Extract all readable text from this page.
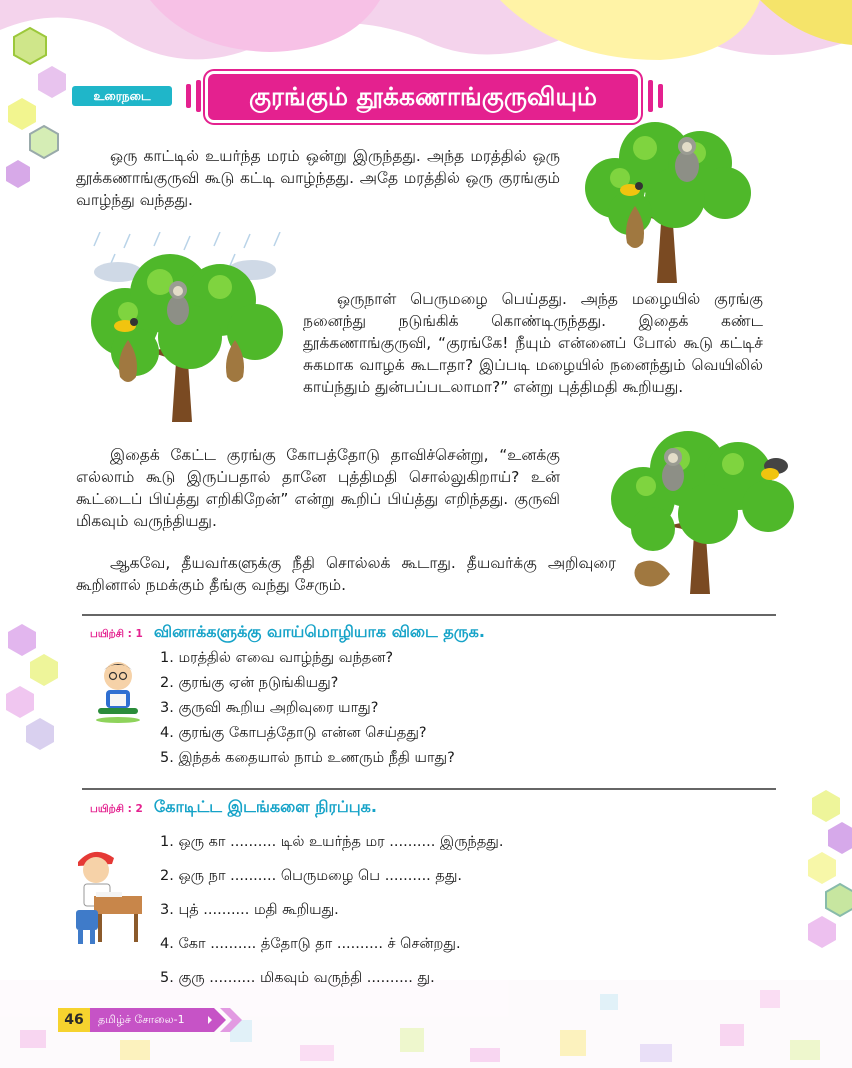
உரைநடை	குரங்கும் தூக்கணாங்குருவியும்

ஒரு காட்டில் உயர்ந்த மரம் ஒன்று இருந்தது. அந்த மரத்தில் ஒரு தூக்கணாங்குருவி கூடு கட்டி வாழ்ந்தது. அதே மரத்தில் ஒரு குரங்கும் வாழ்ந்து வந்தது.

ஒருநாள் பெருமழை பெய்தது. அந்த மழையில் குரங்கு நனைந்து நடுங்கிக் கொண்டிருந்தது. இதைக் கண்ட தூக்கணாங்குருவி, “குரங்கே! நீயும் என்னைப் போல் கூடு கட்டிச் சுகமாக வாழக் கூடாதா? இப்படி மழையில் நனைந்தும் வெயிலில் காய்ந்தும் துன்பப்படலாமா?” என்று புத்திமதி கூறியது.

இதைக் கேட்ட குரங்கு கோபத்தோடு தாவிச்சென்று, “உனக்கு எல்லாம் கூடு இருப்பதால் தானே புத்திமதி சொல்லுகிறாய்? உன் கூட்டைப் பிய்த்து எறிகிறேன்” என்று கூறிப் பிய்த்து எறிந்தது. குருவி மிகவும் வருந்தியது.

ஆகவே, தீயவர்களுக்கு நீதி சொல்லக் கூடாது. தீயவர்க்கு அறிவுரை கூறினால் நமக்கும் தீங்கு வந்து சேரும்.

பயிற்சி : 1 வினாக்களுக்கு வாய்மொழியாக விடை தருக.
1. மரத்தில் எவை வாழ்ந்து வந்தன?
2. குரங்கு ஏன் நடுங்கியது?
3. குருவி கூறிய அறிவுரை யாது?
4. குரங்கு கோபத்தோடு என்ன செய்தது?
5. இந்தக் கதையால் நாம் உணரும் நீதி யாது?
பயிற்சி : 2 கோடிட்ட இடங்களை நிரப்புக.
1. ஒரு கா .......... டில் உயர்ந்த மர .......... இருந்தது.
2. ஒரு நா .......... பெருமழை பெ .......... தது.
3. புத் .......... மதி கூறியது.
4. கோ .......... த்தோடு தா .......... ச் சென்றது.
5. குரு .......... மிகவும் வருந்தி .......... து.
46	தமிழ்ச் சோலை-1
